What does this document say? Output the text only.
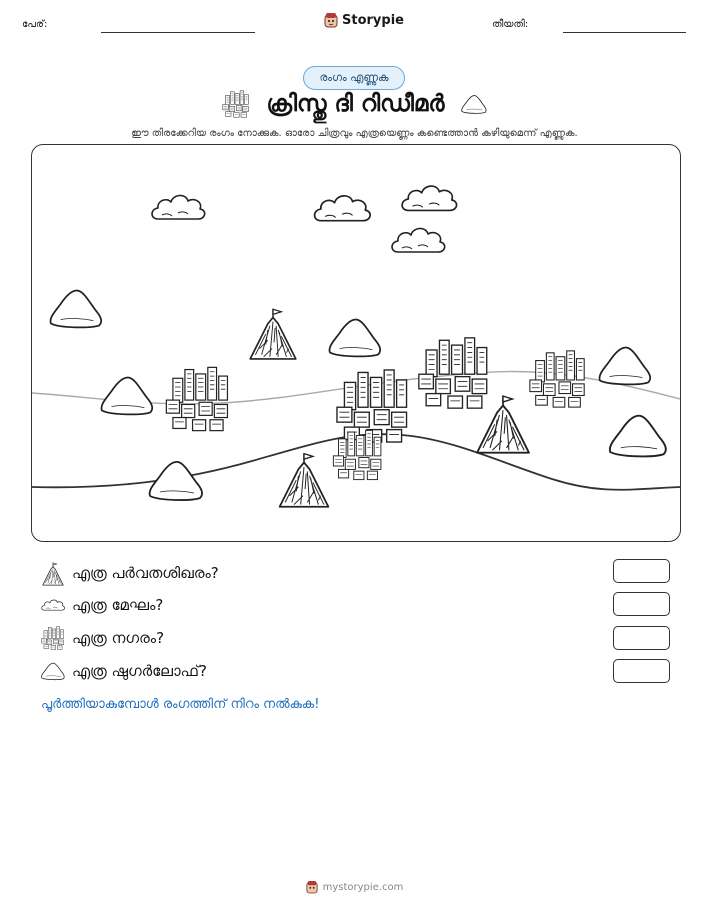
പേര്:	Storypie	തീയതി:
രംഗം എണ്ണുക
ക്രിസ്തു ദി റിഡീമർ
ഈ തിരക്കേറിയ രംഗം നോക്കുക. ഓരോ ചിത്രവും എത്രയെണ്ണം കണ്ടെത്താൻ കഴിയുമെന്ന് എണ്ണുക.
എത്ര പർവതശിഖരം?
എത്ര മേഘം?
എത്ര നഗരം?
എത്ര ഷുഗർലോഫ്?
പൂർത്തിയാകുമ്പോൾ രംഗത്തിന് നിറം നൽകുക!
mystorypie.com
